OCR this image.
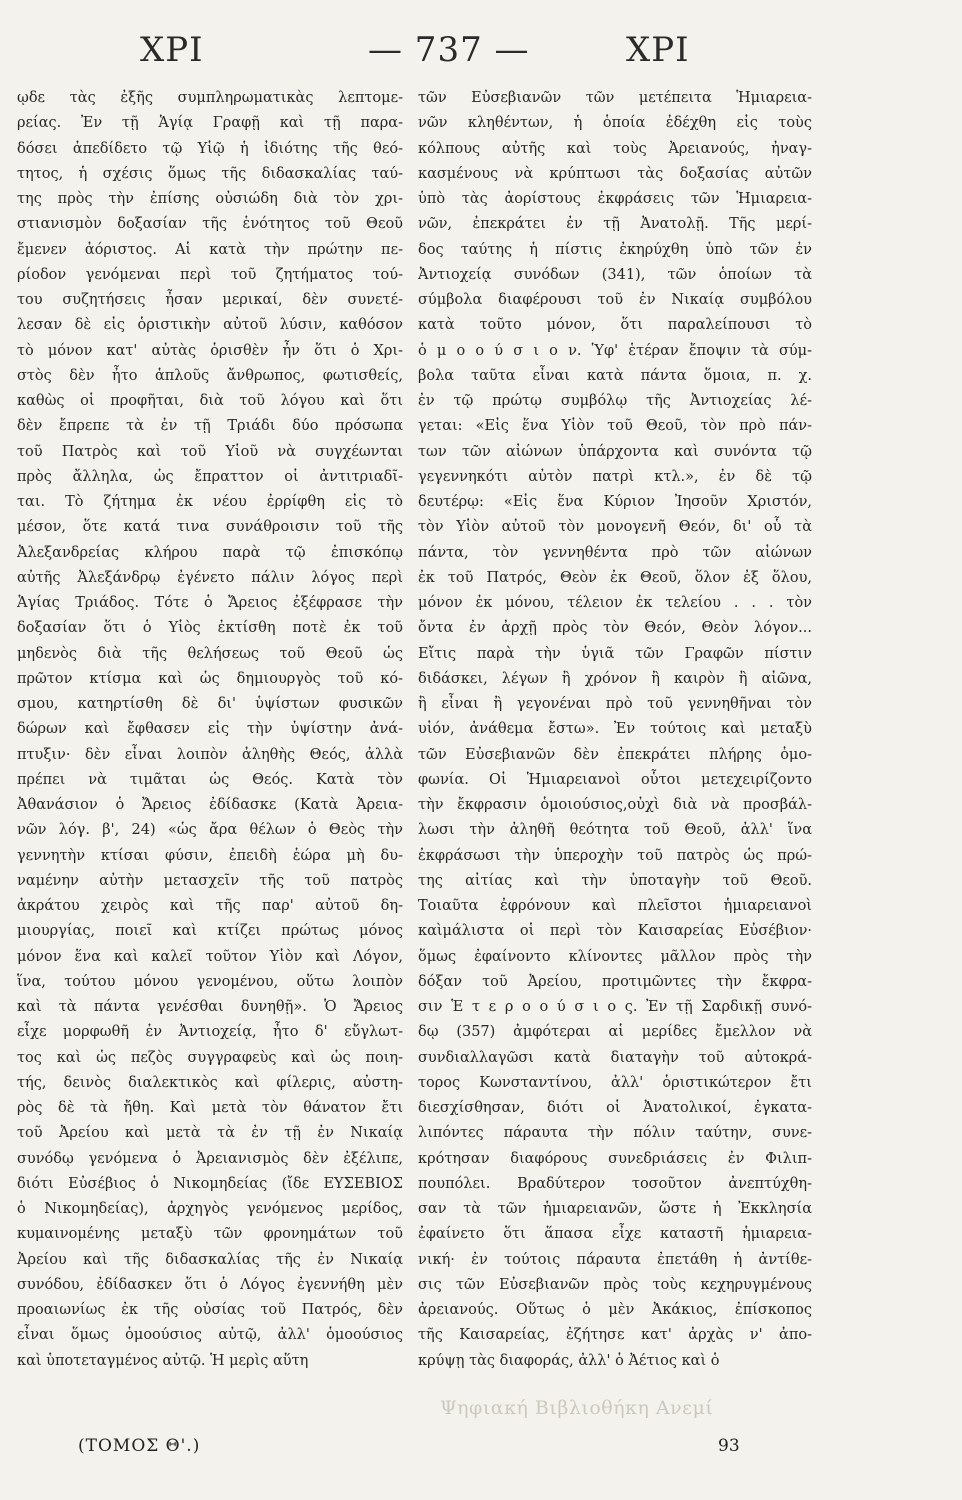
ΧΡΙ	— 737 —	ΧΡΙ
ῳδε τὰς ἐξῆς συμπληρωματικὰς λεπτομε-
ρείας. Ἐν τῇ Ἁγίᾳ Γραφῇ καὶ τῇ παρα-
δόσει ἀπεδίδετο τῷ Υἱῷ ἡ ἰδιότης τῆς θεό-
τητος, ἡ σχέσις ὅμως τῆς διδασκαλίας ταύ-
της πρὸς τὴν ἐπίσης οὐσιώδη διὰ τὸν χρι-
στιανισμὸν δοξασίαν τῆς ἑνότητος τοῦ Θεοῦ
ἔμενεν ἀόριστος. Αἱ κατὰ τὴν πρώτην πε-
ρίοδον γενόμεναι περὶ τοῦ ζητήματος τού-
του συζητήσεις ἦσαν μερικαί, δὲν συνετέ-
λεσαν δὲ εἰς ὁριστικὴν αὐτοῦ λύσιν, καθόσον
τὸ μόνον κατ' αὐτὰς ὁρισθὲν ἦν ὅτι ὁ Χρι-
στὸς δὲν ἦτο ἁπλοῦς ἄνθρωπος, φωτισθείς,
καθὼς οἱ προφῆται, διὰ τοῦ λόγου καὶ ὅτι
δὲν ἔπρεπε τὰ ἐν τῇ Τριάδι δύο πρόσωπα
τοῦ Πατρὸς καὶ τοῦ Υἱοῦ νὰ συγχέωνται
πρὸς ἄλληλα, ὡς ἔπραττον οἱ ἀντιτριαδῖ-
ται. Τὸ ζήτημα ἐκ νέου ἐρρίφθη εἰς τὸ
μέσον, ὅτε κατά τινα συνάθροισιν τοῦ τῆς
Ἀλεξανδρείας κλήρου παρὰ τῷ ἐπισκόπῳ
αὐτῆς Ἀλεξάνδρῳ ἐγένετο πάλιν λόγος περὶ
Ἁγίας Τριάδος. Τότε ὁ Ἄρειος ἐξέφρασε τὴν
δοξασίαν ὅτι ὁ Υἱὸς ἐκτίσθη ποτὲ ἐκ τοῦ
μηδενὸς διὰ τῆς θελήσεως τοῦ Θεοῦ ὡς
πρῶτον κτίσμα καὶ ὡς δημιουργὸς τοῦ κό-
σμου, κατηρτίσθη δὲ δι' ὑψίστων φυσικῶν
δώρων καὶ ἔφθασεν εἰς τὴν ὑψίστην ἀνά-
πτυξιν· δὲν εἶναι λοιπὸν ἀληθὴς Θεός, ἀλλὰ
πρέπει νὰ τιμᾶται ὡς Θεός. Κατὰ τὸν
Ἀθανάσιον ὁ Ἄρειος ἐδίδασκε (Κατὰ Ἀρεια-
νῶν λόγ. β', 24) «ὡς ἄρα θέλων ὁ Θεὸς τὴν
γεννητὴν κτίσαι φύσιν, ἐπειδὴ ἑώρα μὴ δυ-
ναμένην αὐτὴν μετασχεῖν τῆς τοῦ πατρὸς
ἀκράτου χειρὸς καὶ τῆς παρ' αὐτοῦ δη-
μιουργίας, ποιεῖ καὶ κτίζει πρώτως μόνος
μόνον ἕνα καὶ καλεῖ τοῦτον Υἱὸν καὶ Λόγον,
ἵνα, τούτου μόνου γενομένου, οὕτω λοιπὸν
καὶ τὰ πάντα γενέσθαι δυνηθῇ». Ὁ Ἄρειος
εἶχε μορφωθῆ ἐν Ἀντιοχείᾳ, ἦτο δ' εὔγλωτ-
τος καὶ ὡς πεζὸς συγγραφεὺς καὶ ὡς ποιη-
τής, δεινὸς διαλεκτικὸς καὶ φίλερις, αὐστη-
ρὸς δὲ τὰ ἤθη. Καὶ μετὰ τὸν θάνατον ἔτι
τοῦ Ἀρείου καὶ μετὰ τὰ ἐν τῇ ἐν Νικαίᾳ
συνόδῳ γενόμενα ὁ Ἀρειανισμὸς δὲν ἐξέλιπε,
διότι Εὐσέβιος ὁ Νικομηδείας (ἴδε ΕΥΣΕΒΙΟΣ
ὁ Νικομηδείας), ἀρχηγὸς γενόμενος μερίδος,
κυμαινομένης μεταξὺ τῶν φρονημάτων τοῦ
Ἀρείου καὶ τῆς διδασκαλίας τῆς ἐν Νικαίᾳ
συνόδου, ἐδίδασκεν ὅτι ὁ Λόγος ἐγεννήθη μὲν
προαιωνίως ἐκ τῆς οὐσίας τοῦ Πατρός, δὲν
εἶναι ὅμως ὁμοούσιος αὐτῷ, ἀλλ' ὁμοούσιος
καὶ ὑποτεταγμένος αὐτῷ. Ἡ μερὶς αὕτη
τῶν Εὐσεβιανῶν τῶν μετέπειτα Ἡμιαρεια-
νῶν κληθέντων, ἡ ὁποία ἐδέχθη εἰς τοὺς
κόλπους αὐτῆς καὶ τοὺς Ἀρειανούς, ἠναγ-
κασμένους νὰ κρύπτωσι τὰς δοξασίας αὐτῶν
ὑπὸ τὰς ἀορίστους ἐκφράσεις τῶν Ἡμιαρεια-
νῶν, ἐπεκράτει ἐν τῇ Ἀνατολῇ. Τῆς μερί-
δος ταύτης ἡ πίστις ἐκηρύχθη ὑπὸ τῶν ἐν
Ἀντιοχείᾳ συνόδων (341), τῶν ὁποίων τὰ
σύμβολα διαφέρουσι τοῦ ἐν Νικαίᾳ συμβόλου
κατὰ τοῦτο μόνον, ὅτι παραλείπουσι τὸ
ὁ μ ο ο ύ σ ι ο ν. Ὑφ' ἑτέραν ἔποψιν τὰ σύμ-
βολα ταῦτα εἶναι κατὰ πάντα ὅμοια, π. χ.
ἐν τῷ πρώτῳ συμβόλῳ τῆς Ἀντιοχείας λέ-
γεται: «Εἰς ἕνα Υἱὸν τοῦ Θεοῦ, τὸν πρὸ πάν-
των τῶν αἰώνων ὑπάρχοντα καὶ συνόντα τῷ
γεγεννηκότι αὐτὸν πατρὶ κτλ.», ἐν δὲ τῷ
δευτέρῳ: «Εἰς ἕνα Κύριον Ἰησοῦν Χριστόν,
τὸν Υἱὸν αὐτοῦ τὸν μονογενῆ Θεόν, δι' οὗ τὰ
πάντα, τὸν γεννηθέντα πρὸ τῶν αἰώνων
ἐκ τοῦ Πατρός, Θεὸν ἐκ Θεοῦ, ὅλον ἐξ ὅλου,
μόνον ἐκ μόνου, τέλειον ἐκ τελείου . . . τὸν
ὄντα ἐν ἀρχῇ πρὸς τὸν Θεόν, Θεὸν λόγον...
Εἴτις παρὰ τὴν ὑγιᾶ τῶν Γραφῶν πίστιν
διδάσκει, λέγων ἢ χρόνον ἢ καιρὸν ἢ αἰῶνα,
ἢ εἶναι ἢ γεγονέναι πρὸ τοῦ γεννηθῆναι τὸν
υἱόν, ἀνάθεμα ἔστω». Ἐν τούτοις καὶ μεταξὺ
τῶν Εὐσεβιανῶν δὲν ἐπεκράτει πλήρης ὁμο-
φωνία. Οἱ Ἡμιαρειανοὶ οὗτοι μετεχειρίζοντο
τὴν ἔκφρασιν ὁμοιούσιος,οὐχὶ διὰ νὰ προσβάλ-
λωσι τὴν ἀληθῆ θεότητα τοῦ Θεοῦ, ἀλλ' ἵνα
ἐκφράσωσι τὴν ὑπεροχὴν τοῦ πατρὸς ὡς πρώ-
της αἰτίας καὶ τὴν ὑποταγὴν τοῦ Θεοῦ.
Τοιαῦτα ἐφρόνουν καὶ πλεῖστοι ἡμιαρειανοὶ
καὶμάλιστα οἱ περὶ τὸν Καισαρείας Εὐσέβιον·
ὅμως ἐφαίνοντο κλίνοντες μᾶλλον πρὸς τὴν
δόξαν τοῦ Ἀρείου, προτιμῶντες τὴν ἔκφρα-
σιν Ἑ τ ε ρ ο ο ύ σ ι ο ς. Ἐν τῇ Σαρδικῇ συνό-
δῳ (357) ἀμφότεραι αἱ μερίδες ἔμελλον νὰ
συνδιαλλαγῶσι κατὰ διαταγὴν τοῦ αὐτοκρά-
τορος Κωνσταντίνου, ἀλλ' ὁριστικώτερον ἔτι
διεσχίσθησαν, διότι οἱ Ἀνατολικοί, ἐγκατα-
λιπόντες πάραυτα τὴν πόλιν ταύτην, συνε-
κρότησαν διαφόρους συνεδριάσεις ἐν Φιλιπ-
πουπόλει. Βραδύτερον τοσοῦτον ἀνεπτύχθη-
σαν τὰ τῶν ἡμιαρειανῶν, ὥστε ἡ Ἐκκλησία
ἐφαίνετο ὅτι ἅπασα εἶχε καταστῆ ἡμιαρεια-
νική· ἐν τούτοις πάραυτα ἐπετάθη ἡ ἀντίθε-
σις τῶν Εὐσεβιανῶν πρὸς τοὺς κεχηρυγμένους
ἀρειανούς. Οὕτως ὁ μὲν Ἀκάκιος, ἐπίσκοπος
τῆς Καισαρείας, ἐζήτησε κατ' ἀρχὰς ν' ἀπο-
κρύψῃ τὰς διαφοράς, ἀλλ' ὁ Ἀέτιος καὶ ὁ
Ψηφιακή Βιβλιοθήκη Ανεμί
(ΤΟΜΟΣ Θ'.)	93
